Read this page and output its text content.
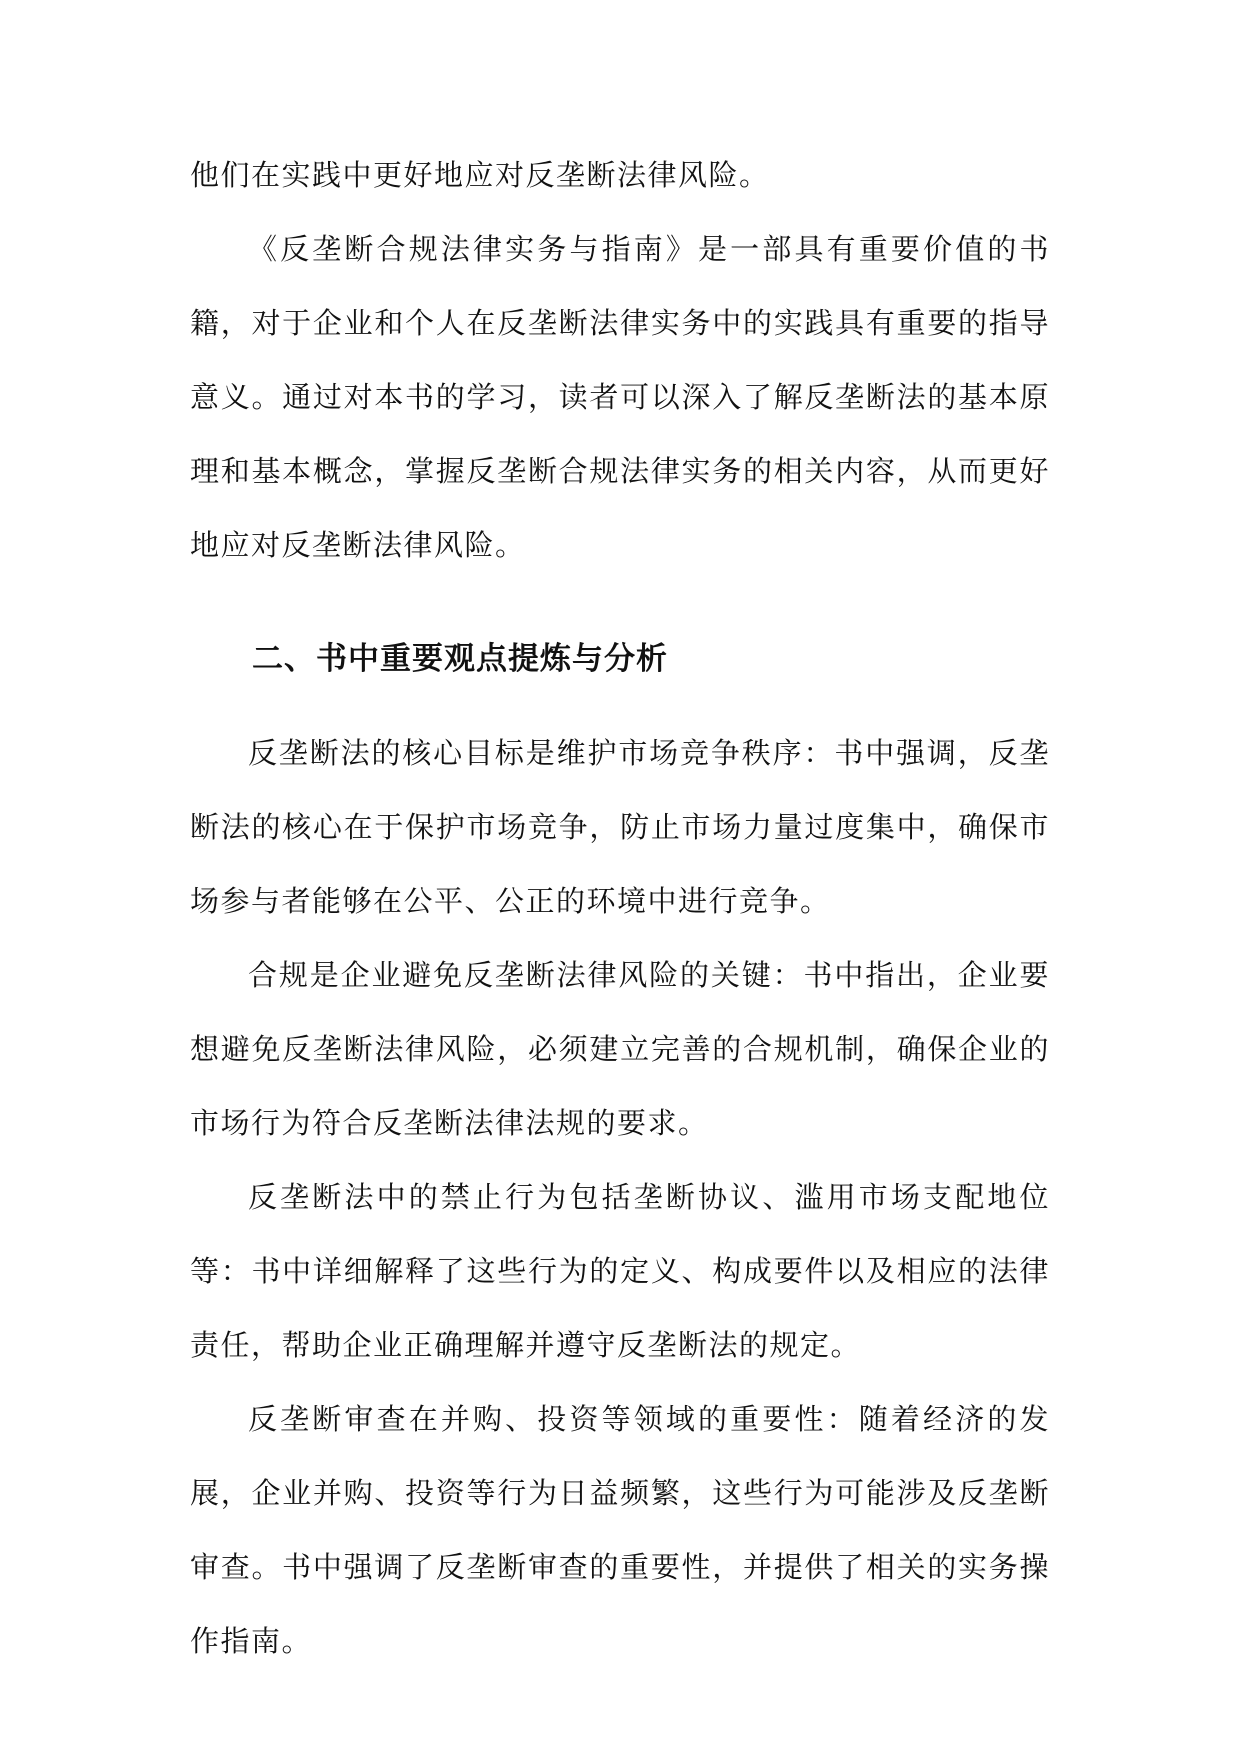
他们在实践中更好地应对反垄断法律风险。

《反垄断合规法律实务与指南》是一部具有重要价值的书籍，对于企业和个人在反垄断法律实务中的实践具有重要的指导意义。通过对本书的学习，读者可以深入了解反垄断法的基本原理和基本概念，掌握反垄断合规法律实务的相关内容，从而更好地应对反垄断法律风险。

二、书中重要观点提炼与分析

反垄断法的核心目标是维护市场竞争秩序：书中强调，反垄断法的核心在于保护市场竞争，防止市场力量过度集中，确保市场参与者能够在公平、公正的环境中进行竞争。

合规是企业避免反垄断法律风险的关键：书中指出，企业要想避免反垄断法律风险，必须建立完善的合规机制，确保企业的市场行为符合反垄断法律法规的要求。

反垄断法中的禁止行为包括垄断协议、滥用市场支配地位等：书中详细解释了这些行为的定义、构成要件以及相应的法律责任，帮助企业正确理解并遵守反垄断法的规定。

反垄断审查在并购、投资等领域的重要性：随着经济的发展，企业并购、投资等行为日益频繁，这些行为可能涉及反垄断审查。书中强调了反垄断审查的重要性，并提供了相关的实务操作指南。
